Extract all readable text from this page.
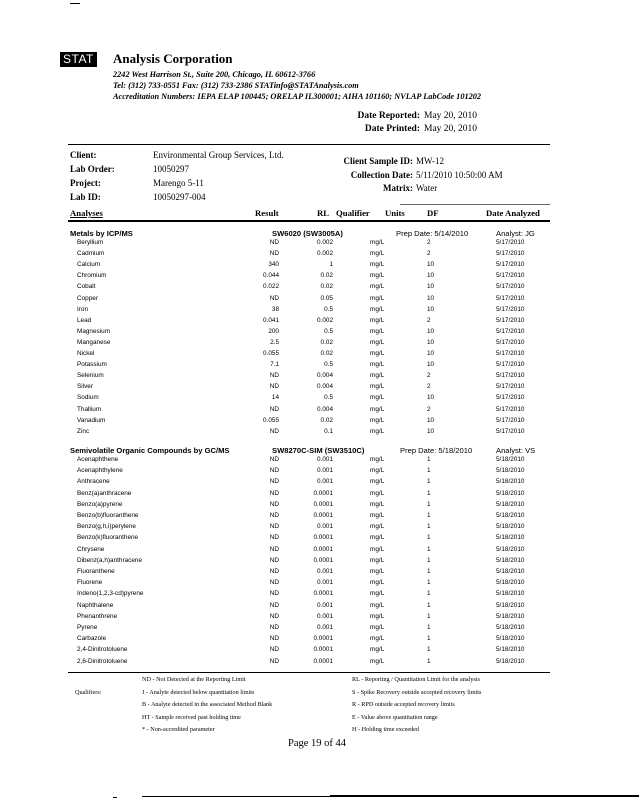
STAT Analysis Corporation
2242 West Harrison St., Suite 200, Chicago, IL 60612-3766
Tel: (312) 733-0551 Fax: (312) 733-2386 STATinfo@STATAnalysis.com
Accreditation Numbers: IEPA ELAP 100445; ORELAP IL300001; AIHA 101160; NVLAP LabCode 101202
Date Reported: May 20, 2010
Date Printed: May 20, 2010
Client:	Environmental Group Services, Ltd.
Lab Order:	10050297
Project:	Marengo 5-11
Lab ID:	10050297-004
Client Sample ID: MW-12
Collection Date: 5/11/2010 10:50:00 AM
Matrix: Water
Analyses	Result	RL Qualifier Units	DF	Date Analyzed
Metals by ICP/MS	SW6020 (SW3005A)	Prep Date: 5/14/2010	Analyst: JG
Beryllium	ND	0.002	mg/L	2	5/17/2010
Cadmium	ND	0.002	mg/L	2	5/17/2010
Calcium	340	1	mg/L	10	5/17/2010
Chromium	0.044	0.02	mg/L	10	5/17/2010
Cobalt	0.022	0.02	mg/L	10	5/17/2010
Copper	ND	0.05	mg/L	10	5/17/2010
Iron	38	0.5	mg/L	10	5/17/2010
Lead	0.041	0.002	mg/L	2	5/17/2010
Magnesium	200	0.5	mg/L	10	5/17/2010
Manganese	2.5	0.02	mg/L	10	5/17/2010
Nickel	0.055	0.02	mg/L	10	5/17/2010
Potassium	7.1	0.5	mg/L	10	5/17/2010
Selenium	ND	0.004	mg/L	2	5/17/2010
Silver	ND	0.004	mg/L	2	5/17/2010
Sodium	14	0.5	mg/L	10	5/17/2010
Thallium	ND	0.004	mg/L	2	5/17/2010
Vanadium	0.055	0.02	mg/L	10	5/17/2010
Zinc	ND	0.1	mg/L	10	5/17/2010
Semivolatile Organic Compounds by GC/MS	SW8270C-SIM (SW3510C)	Prep Date: 5/18/2010	Analyst: VS
Acenaphthene	ND	0.001	mg/L	1	5/18/2010
Acenaphthylene	ND	0.001	mg/L	1	5/18/2010
Anthracene	ND	0.001	mg/L	1	5/18/2010
Benz(a)anthracene	ND	0.0001	mg/L	1	5/18/2010
Benzo(a)pyrene	ND	0.0001	mg/L	1	5/18/2010
Benzo(b)fluoranthene	ND	0.0001	mg/L	1	5/18/2010
Benzo(g,h,i)perylene	ND	0.001	mg/L	1	5/18/2010
Benzo(k)fluoranthene	ND	0.0001	mg/L	1	5/18/2010
Chrysene	ND	0.0001	mg/L	1	5/18/2010
Dibenz(a,h)anthracene	ND	0.0001	mg/L	1	5/18/2010
Fluoranthene	ND	0.001	mg/L	1	5/18/2010
Fluorene	ND	0.001	mg/L	1	5/18/2010
Indeno(1,2,3-cd)pyrene	ND	0.0001	mg/L	1	5/18/2010
Naphthalene	ND	0.001	mg/L	1	5/18/2010
Phenanthrene	ND	0.001	mg/L	1	5/18/2010
Pyrene	ND	0.001	mg/L	1	5/18/2010
Carbazole	ND	0.0001	mg/L	1	5/18/2010
2,4-Dinitrotoluene	ND	0.0001	mg/L	1	5/18/2010
2,6-Dinitrotoluene	ND	0.0001	mg/L	1	5/18/2010
Qualifiers:
ND - Not Detected at the Reporting Limit
J - Analyte detected below quantitation limits
B - Analyte detected in the associated Method Blank
HT - Sample received past holding time
* - Non-accredited parameter
RL - Reporting / Quantitation Limit for the analysis
S - Spike Recovery outside accepted recovery limits
R - RPD outside accepted recovery limits
E - Value above quantitation range
H - Holding time exceeded
Page 19 of 44
